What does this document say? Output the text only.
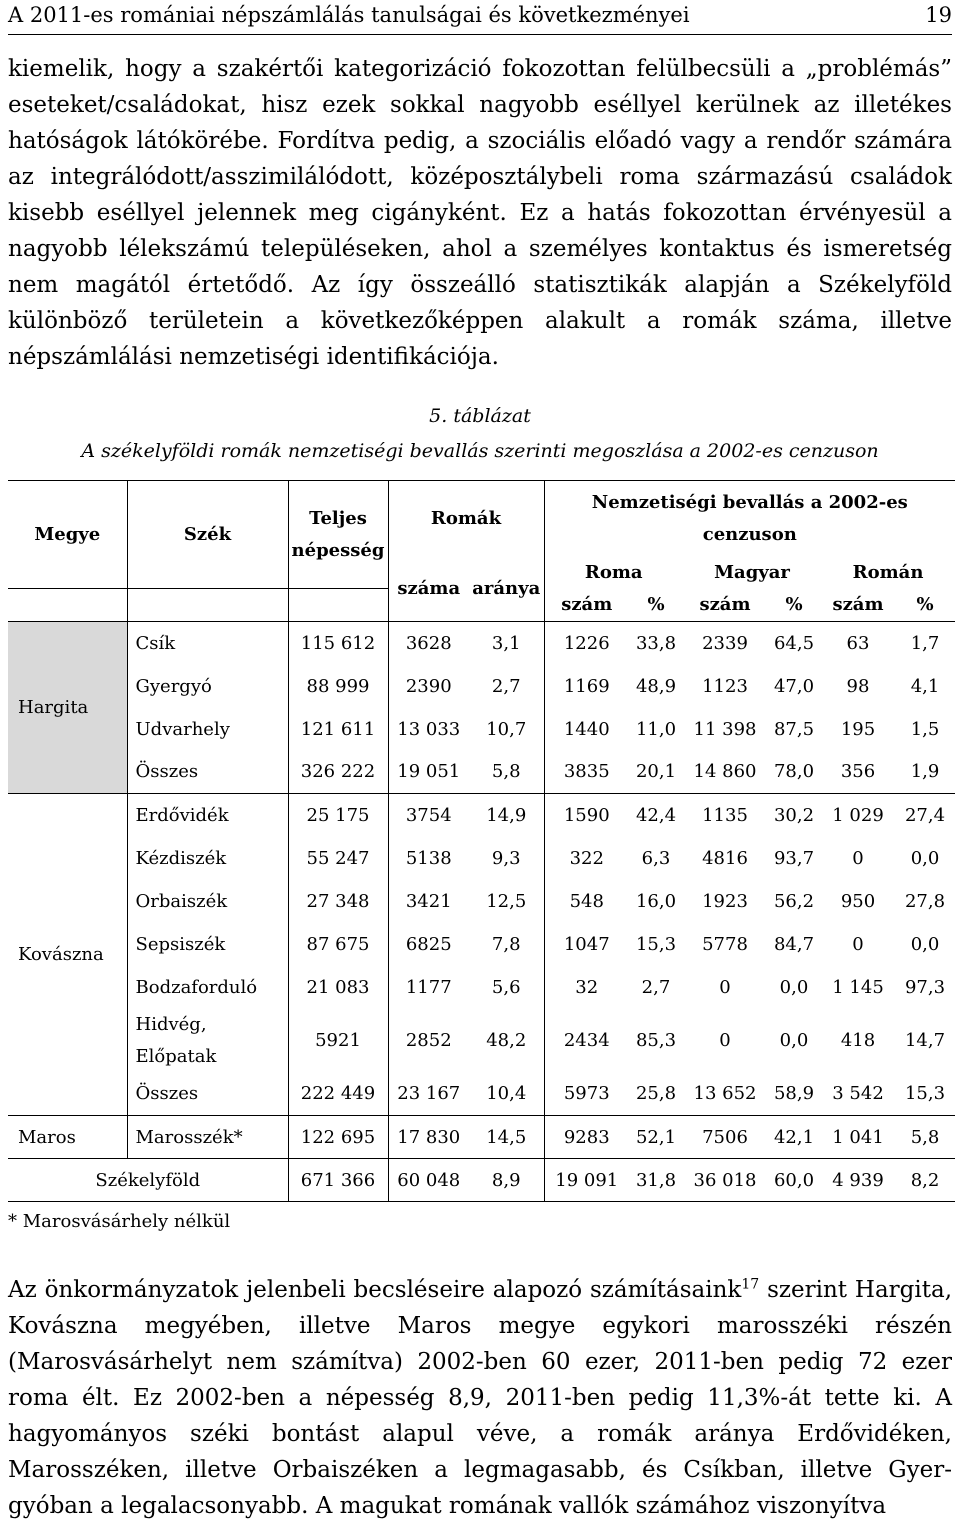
A 2011-es romániai népszámlálás tanulságai és következményei	19

kiemelik, hogy a szakértői kategorizáció fokozottan felülbecsüli a „problémás” eseteket/családokat, hisz ezek sokkal nagyobb eséllyel kerülnek az illetékes hatóságok látókörébe. Fordítva pedig, a szociális előadó vagy a rendőr számára az integrálódott/asszimilálódott, középosztálybeli roma származású családok kisebb eséllyel jelennek meg cigányként. Ez a hatás fokozottan érvényesül a nagyobb lélekszámú településeken, ahol a személyes kontaktus és ismeretség nem magától értetődő. Az így összeálló statisztikák alapján a Székelyföld különböző területein a következőképpen alakult a romák száma, illetve népszámlálási nemzetiségi identifikációja.

5. táblázat
A székelyföldi romák nemzetiségi bevallás szerinti megoszlása a 2002-es cenzuson
Megye	Szék	Teljes népesség	Romák		Nemzetiségi bevallás a 2002-es cenzuson					

			száma	aránya	Roma		Magyar		Román	
					szám	%	szám	%	szám	%
Hargita	Csík	115 612	3628	3,1	1226	33,8	2339	64,5	63	1,7
	Gyergyó	88 999	2390	2,7	1169	48,9	1123	47,0	98	4,1
	Udvarhely	121 611	13 033	10,7	1440	11,0	11 398	87,5	195	1,5
	Összes	326 222	19 051	5,8	3835	20,1	14 860	78,0	356	1,9
Kovászna	Erdővidék	25 175	3754	14,9	1590	42,4	1135	30,2	1 029	27,4
	Kézdiszék	55 247	5138	9,3	322	6,3	4816	93,7	0	0,0
	Orbaiszék	27 348	3421	12,5	548	16,0	1923	56,2	950	27,8
	Sepsiszék	87 675	6825	7,8	1047	15,3	5778	84,7	0	0,0
	Bodzaforduló	21 083	1177	5,6	32	2,7	0	0,0	1 145	97,3
	Hidvég, Előpatak	5921	2852	48,2	2434	85,3	0	0,0	418	14,7
	Összes	222 449	23 167	10,4	5973	25,8	13 652	58,9	3 542	15,3
Maros	Marosszék*	122 695	17 830	14,5	9283	52,1	7506	42,1	1 041	5,8
Székelyföld		671 366	60 048	8,9	19 091	31,8	36 018	60,0	4 939	8,2
* Marosvásárhely nélkül

Az önkormányzatok jelenbeli becsléseire alapozó számításaink$^{17}$ szerint Hargita, Kovászna megyében, illetve Maros megye egykori marosszéki részén (Marosvásárhelyt nem számítva) 2002-ben 60 ezer, 2011-ben pedig 72 ezer roma élt. Ez 2002-ben a népesség 8,9, 2011-ben pedig 11,3%-át tette ki. A hagyományos széki bontást alapul véve, a romák aránya Erdővidéken, Marosszéken, illetve Orbaiszéken a legmagasabb, és Csíkban, illetve Gyergyóban a legalacsonyabb. A magukat romának vallók számához viszonyítva
